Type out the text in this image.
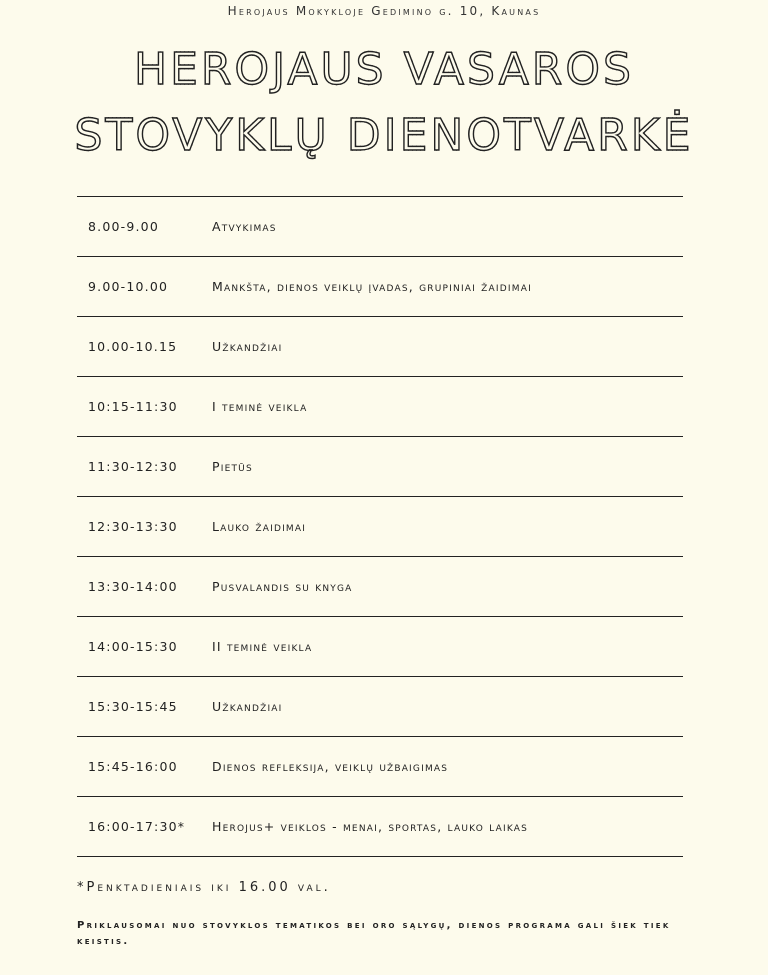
Herojaus Mokykloje Gedimino g. 10, Kaunas
HEROJAUS VASAROS
STOVYKLŲ DIENOTVARKĖ
8.00-9.00	Atvykimas
9.00-10.00	Mankšta, dienos veiklų įvadas, grupiniai žaidimai
10.00-10.15	Užkandžiai
10:15-11:30	I teminė veikla
11:30-12:30	Pietūs
12:30-13:30	Lauko žaidimai
13:30-14:00	Pusvalandis su knyga
14:00-15:30	II teminė veikla
15:30-15:45	Užkandžiai
15:45-16:00	Dienos refleksija, veiklų užbaigimas
16:00-17:30*	Herojus+ veiklos - menai, sportas, lauko laikas
*Penktadieniais iki 16.00 val.
Priklausomai nuo stovyklos tematikos bei oro sąlygų, dienos programa gali šiek tiek keistis.
